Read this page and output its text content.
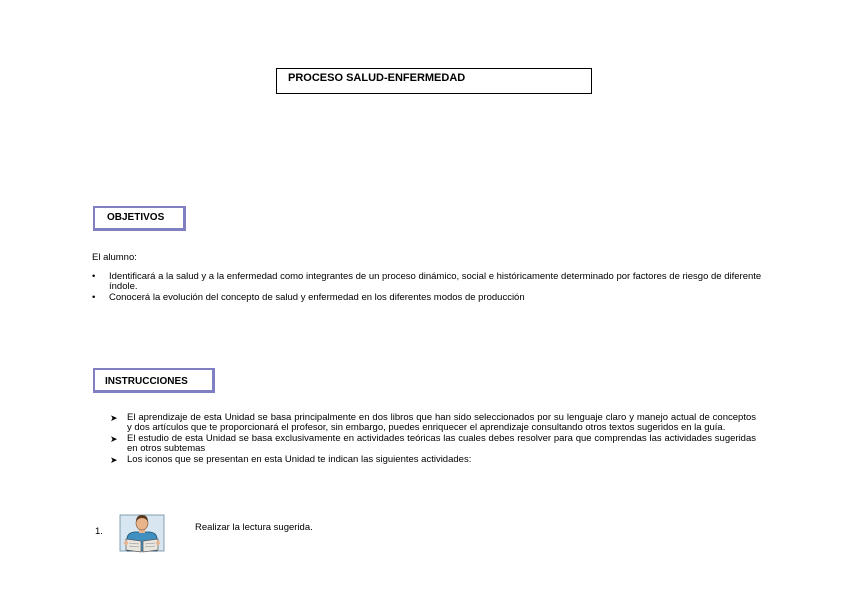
PROCESO SALUD-ENFERMEDAD
OBJETIVOS
El alumno:
• Identificará a la salud y a la enfermedad como integrantes de un proceso dinámico, social e históricamente determinado por factores de riesgo de diferente índole.
• Conocerá la evolución del concepto de salud y enfermedad en los diferentes modos de producción
INSTRUCCIONES
➤ El aprendizaje de esta Unidad se basa principalmente en dos libros que han sido seleccionados por su lenguaje claro y manejo actual de conceptos y dos artículos que te proporcionará el profesor, sin embargo, puedes enriquecer el aprendizaje consultando otros textos sugeridos en la guía.
➤ El estudio de esta Unidad se basa exclusivamente en actividades teóricas las cuales debes resolver para que comprendas las actividades sugeridas en otros subtemas
➤ Los iconos que se presentan en esta Unidad te indican las siguientes actividades:
1.	Realizar la lectura sugerida.
